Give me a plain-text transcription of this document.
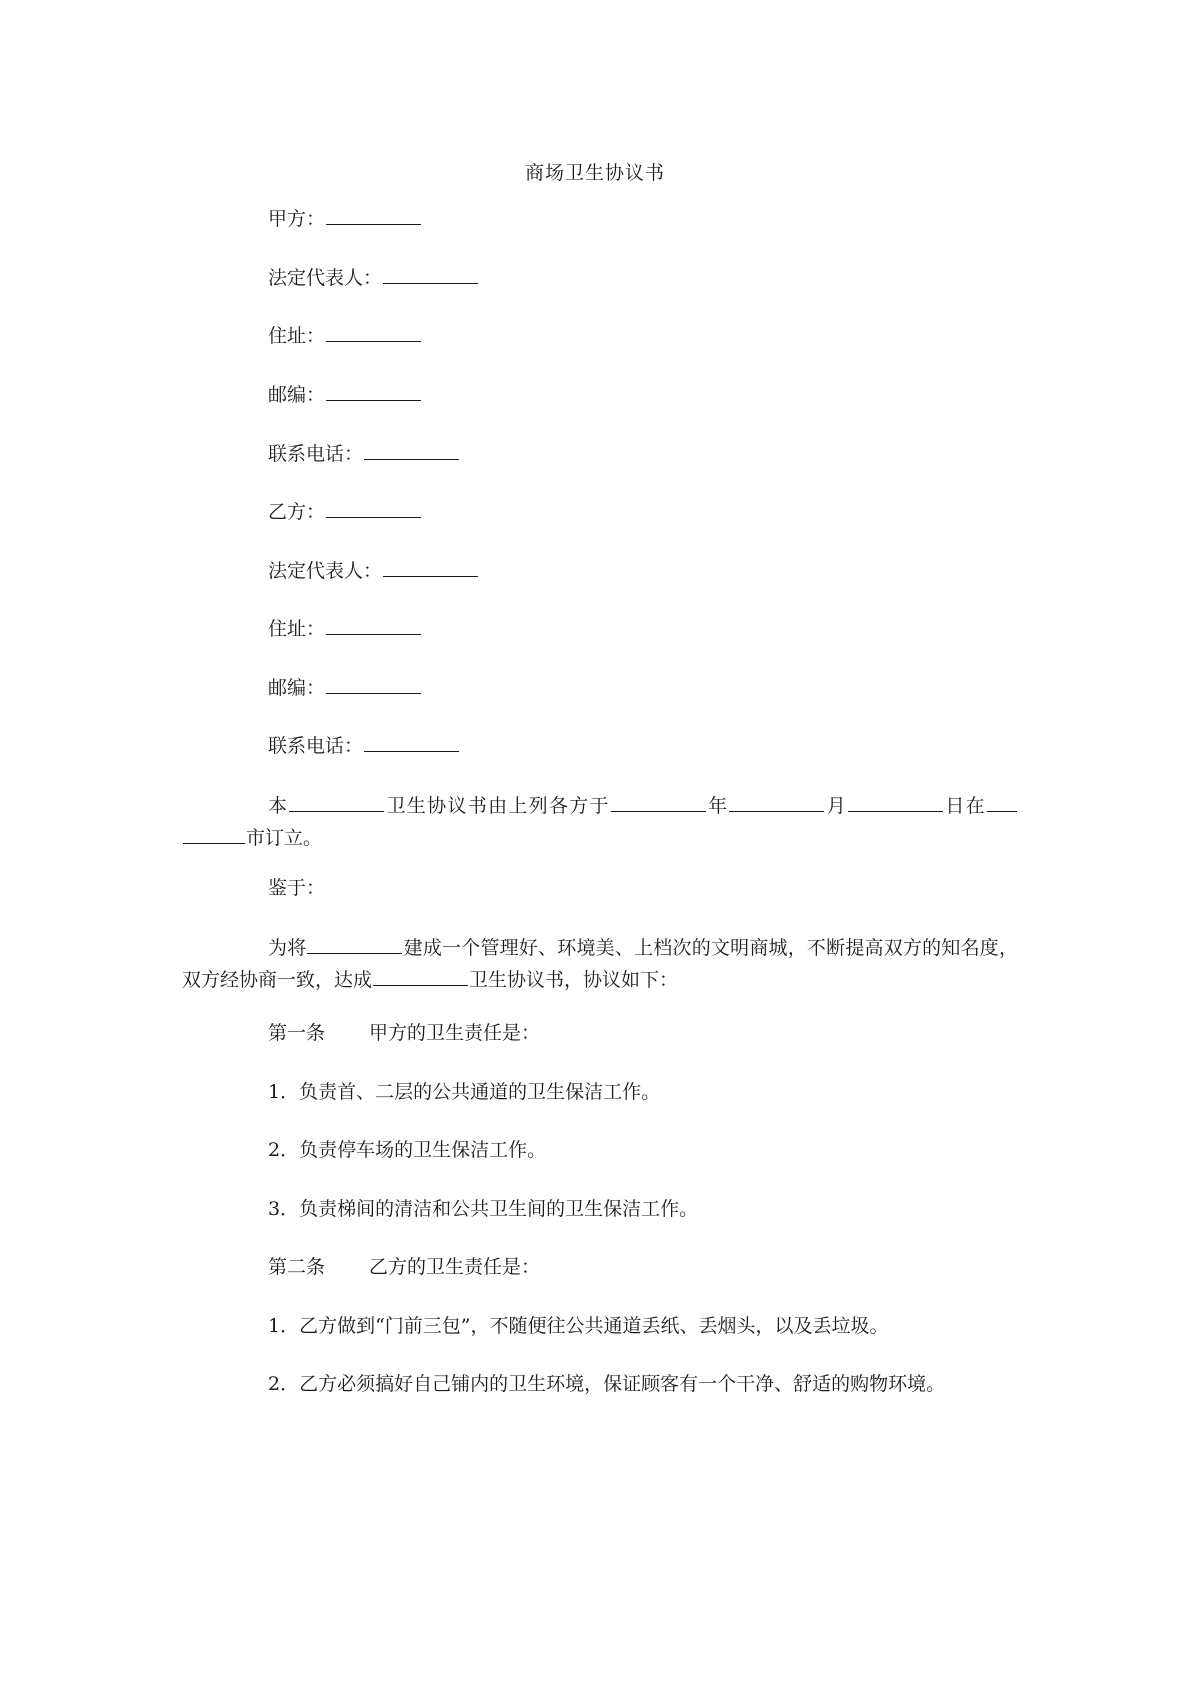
商场卫生协议书
甲方：
法定代表人：
住址：
邮编：
联系电话：
乙方：
法定代表人：
住址：
邮编：
联系电话：
本	卫生协议书由上列各方于	年	月	日在市订立。
鉴于：
为将	建成一个管理好、环境美、上档次的文明商城，不断提高双方的知名度，双方经协商一致，达成	卫生协议书，协议如下：
第一条 甲方的卫生责任是：
1．负责首、二层的公共通道的卫生保洁工作。
2．负责停车场的卫生保洁工作。
3．负责梯间的清洁和公共卫生间的卫生保洁工作。
第二条 乙方的卫生责任是：
1．乙方做到“门前三包”，不随便往公共通道丢纸、丢烟头，以及丢垃圾。
2．乙方必须搞好自己铺内的卫生环境，保证顾客有一个干净、舒适的购物环境。
